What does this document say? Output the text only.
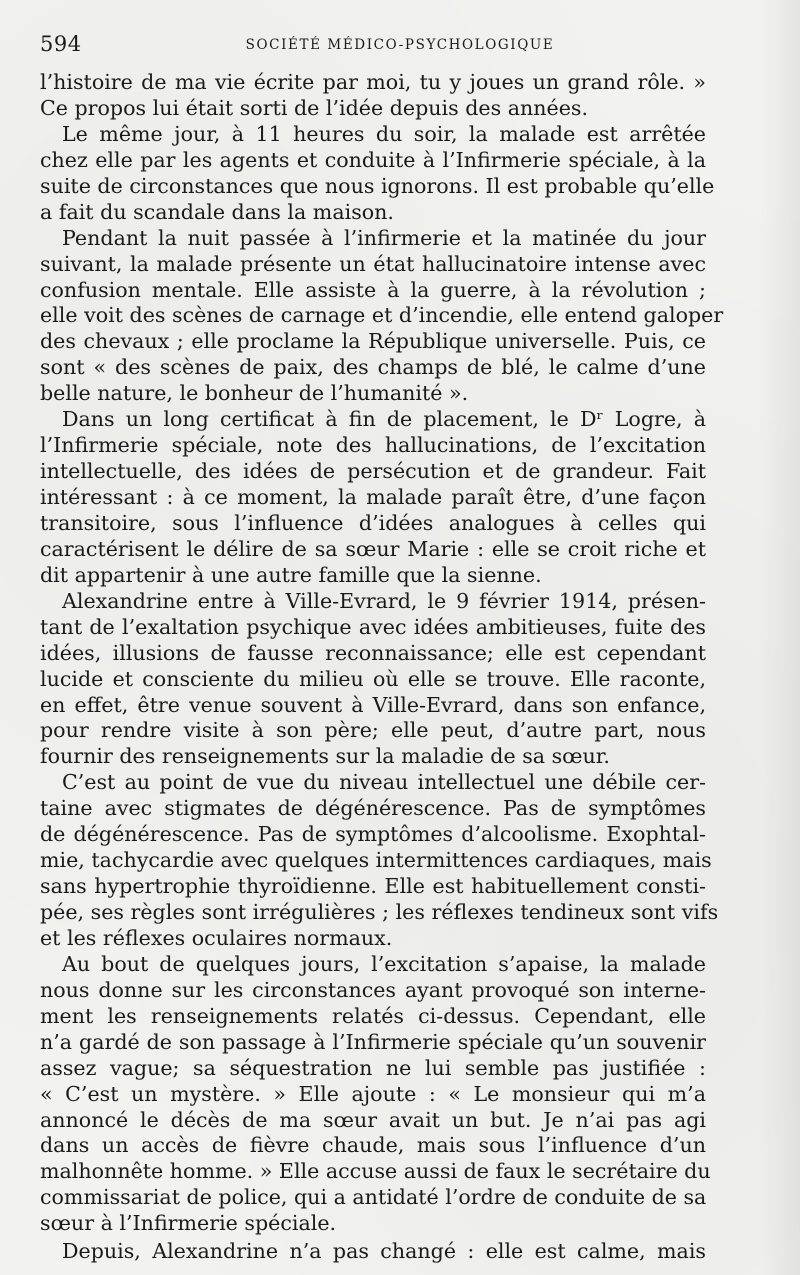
594	SOCIÉTÉ MÉDICO-PSYCHOLOGIQUE
l’histoire de ma vie écrite par moi, tu y joues un grand rôle. »
Ce propos lui était sorti de l’idée depuis des années.
Le même jour, à 11 heures du soir, la malade est arrêtée
chez elle par les agents et conduite à l’Infirmerie spéciale, à la
suite de circonstances que nous ignorons. Il est probable qu’elle
a fait du scandale dans la maison.
Pendant la nuit passée à l’infirmerie et la matinée du jour
suivant, la malade présente un état hallucinatoire intense avec
confusion mentale. Elle assiste à la guerre, à la révolution ;
elle voit des scènes de carnage et d’incendie, elle entend galoper
des chevaux ; elle proclame la République universelle. Puis, ce
sont « des scènes de paix, des champs de blé, le calme d’une
belle nature, le bonheur de l’humanité ».
Dans un long certificat à fin de placement, le Dʳ Logre, à
l’Infirmerie spéciale, note des hallucinations, de l’excitation
intellectuelle, des idées de persécution et de grandeur. Fait
intéressant : à ce moment, la malade paraît être, d’une façon
transitoire, sous l’influence d’idées analogues à celles qui
caractérisent le délire de sa sœur Marie : elle se croit riche et
dit appartenir à une autre famille que la sienne.
Alexandrine entre à Ville-Evrard, le 9 février 1914, présen-
tant de l’exaltation psychique avec idées ambitieuses, fuite des
idées, illusions de fausse reconnaissance; elle est cependant
lucide et consciente du milieu où elle se trouve. Elle raconte,
en effet, être venue souvent à Ville-Evrard, dans son enfance,
pour rendre visite à son père; elle peut, d’autre part, nous
fournir des renseignements sur la maladie de sa sœur.
C’est au point de vue du niveau intellectuel une débile cer-
taine avec stigmates de dégénérescence. Pas de symptômes
de dégénérescence. Pas de symptômes d’alcoolisme. Exophtal-
mie, tachycardie avec quelques intermittences cardiaques, mais
sans hypertrophie thyroïdienne. Elle est habituellement consti-
pée, ses règles sont irrégulières ; les réflexes tendineux sont vifs
et les réflexes oculaires normaux.
Au bout de quelques jours, l’excitation s’apaise, la malade
nous donne sur les circonstances ayant provoqué son interne-
ment les renseignements relatés ci-dessus. Cependant, elle
n’a gardé de son passage à l’Infirmerie spéciale qu’un souvenir
assez vague; sa séquestration ne lui semble pas justifiée :
« C’est un mystère. » Elle ajoute : « Le monsieur qui m’a
annoncé le décès de ma sœur avait un but. Je n’ai pas agi
dans un accès de fièvre chaude, mais sous l’influence d’un
malhonnête homme. » Elle accuse aussi de faux le secrétaire du
commissariat de police, qui a antidaté l’ordre de conduite de sa
sœur à l’Infirmerie spéciale.
Depuis, Alexandrine n’a pas changé : elle est calme, mais
